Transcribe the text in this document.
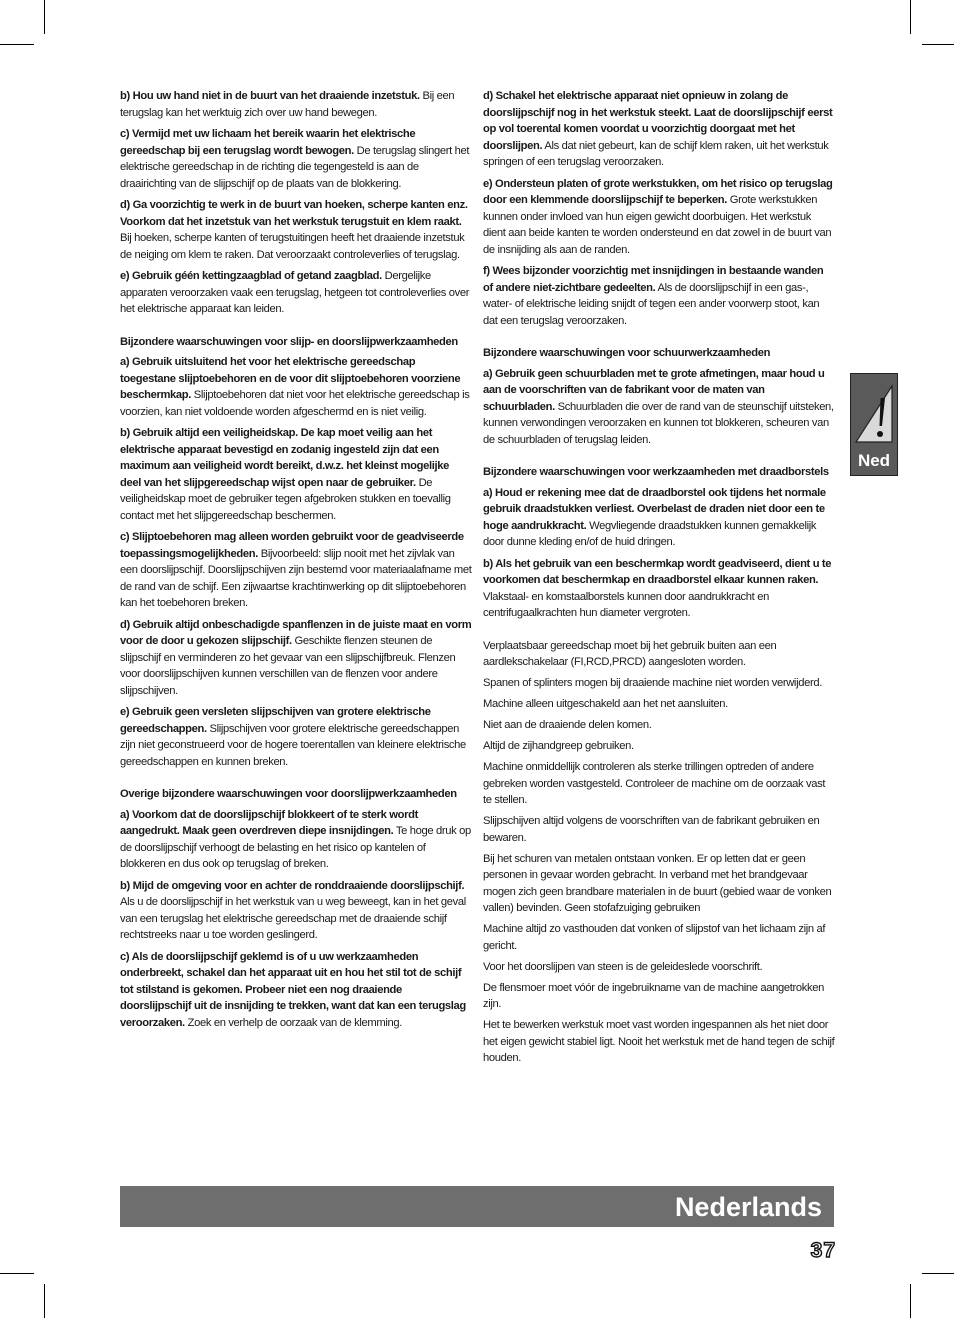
b) Hou uw hand niet in de buurt van het draaiende inzetstuk. Bij een terugslag kan het werktuig zich over uw hand bewegen.

c) Vermijd met uw lichaam het bereik waarin het elektrische gereedschap bij een terugslag wordt bewogen. De terugslag slingert het elektrische gereedschap in de richting die tegengesteld is aan de draairichting van de slijpschijf op de plaats van de blokkering.

d) Ga voorzichtig te werk in de buurt van hoeken, scherpe kanten enz. Voorkom dat het inzetstuk van het werkstuk terugstuit en klem raakt. Bij hoeken, scherpe kanten of terugstuitingen heeft het draaiende inzetstuk de neiging om klem te raken. Dat veroorzaakt controleverlies of terugslag.

e) Gebruik géén kettingzaagblad of getand zaagblad. Dergelijke apparaten veroorzaken vaak een terugslag, hetgeen tot controleverlies over het elektrische apparaat kan leiden.

Bijzondere waarschuwingen voor slijp- en doorslijpwerkzaamheden

a) Gebruik uitsluitend het voor het elektrische gereedschap toegestane slijptoebehoren en de voor dit slijptoebehoren voorziene beschermkap. Slijptoebehoren dat niet voor het elektrische gereedschap is voorzien, kan niet voldoende worden afgeschermd en is niet veilig.

b) Gebruik altijd een veiligheidskap. De kap moet veilig aan het elektrische apparaat bevestigd en zodanig ingesteld zijn dat een maximum aan veiligheid wordt bereikt, d.w.z. het kleinst mogelijke deel van het slijpgereedschap wijst open naar de gebruiker. De veiligheidskap moet de gebruiker tegen afgebroken stukken en toevallig contact met het slijpgereedschap beschermen.

c) Slijptoebehoren mag alleen worden gebruikt voor de geadviseerde toepassingsmogelijkheden. Bijvoorbeeld: slijp nooit met het zijvlak van een doorslijpschijf. Doorslijpschijven zijn bestemd voor materiaalafname met de rand van de schijf. Een zijwaartse krachtinwerking op dit slijptoebehoren kan het toebehoren breken.

d) Gebruik altijd onbeschadigde spanflenzen in de juiste maat en vorm voor de door u gekozen slijpschijf. Geschikte flenzen steunen de slijpschijf en verminderen zo het gevaar van een slijpschijfbreuk. Flenzen voor doorslijpschijven kunnen verschillen van de flenzen voor andere slijpschijven.

e) Gebruik geen versleten slijpschijven van grotere elektrische gereedschappen. Slijpschijven voor grotere elektrische gereedschappen zijn niet geconstrueerd voor de hogere toerentallen van kleinere elektrische gereedschappen en kunnen breken.

Overige bijzondere waarschuwingen voor doorslijpwerkzaamheden

a) Voorkom dat de doorslijpschijf blokkeert of te sterk wordt aangedrukt. Maak geen overdreven diepe insnijdingen. Te hoge druk op de doorslijpschijf verhoogt de belasting en het risico op kantelen of blokkeren en dus ook op terugslag of breken.

b) Mijd de omgeving voor en achter de ronddraaiende doorslijpschijf. Als u de doorslijpschijf in het werkstuk van u weg beweegt, kan in het geval van een terugslag het elektrische gereedschap met de draaiende schijf rechtstreeks naar u toe worden geslingerd.

c) Als de doorslijpschijf geklemd is of u uw werkzaamheden onderbreekt, schakel dan het apparaat uit en hou het stil tot de schijf tot stilstand is gekomen. Probeer niet een nog draaiende doorslijpschijf uit de insnijding te trekken, want dat kan een terugslag veroorzaken. Zoek en verhelp de oorzaak van de klemming.

d) Schakel het elektrische apparaat niet opnieuw in zolang de doorslijpschijf nog in het werkstuk steekt. Laat de doorslijpschijf eerst op vol toerental komen voordat u voorzichtig doorgaat met het doorslijpen. Als dat niet gebeurt, kan de schijf klem raken, uit het werkstuk springen of een terugslag veroorzaken.

e) Ondersteun platen of grote werkstukken, om het risico op terugslag door een klemmende doorslijpschijf te beperken. Grote werkstukken kunnen onder invloed van hun eigen gewicht doorbuigen. Het werkstuk dient aan beide kanten te worden ondersteund en dat zowel in de buurt van de insnijding als aan de randen.

f) Wees bijzonder voorzichtig met insnijdingen in bestaande wanden of andere niet-zichtbare gedeelten. Als de doorslijpschijf in een gas-, water- of elektrische leiding snijdt of tegen een ander voorwerp stoot, kan dat een terugslag veroorzaken.

Bijzondere waarschuwingen voor schuurwerkzaamheden

a) Gebruik geen schuurbladen met te grote afmetingen, maar houd u aan de voorschriften van de fabrikant voor de maten van schuurbladen. Schuurbladen die over de rand van de steunschijf uitsteken, kunnen verwondingen veroorzaken en kunnen tot blokkeren, scheuren van de schuurbladen of terugslag leiden.

Bijzondere waarschuwingen voor werkzaamheden met draadborstels

a) Houd er rekening mee dat de draadborstel ook tijdens het normale gebruik draadstukken verliest. Overbelast de draden niet door een te hoge aandrukkracht. Wegvliegende draadstukken kunnen gemakkelijk door dunne kleding en/of de huid dringen.

b) Als het gebruik van een beschermkap wordt geadviseerd, dient u te voorkomen dat beschermkap en draadborstel elkaar kunnen raken. Vlakstaal- en komstaalborstels kunnen door aandrukkracht en centrifugaalkrachten hun diameter vergroten.

Verplaatsbaar gereedschap moet bij het gebruik buiten aan een aardlekschakelaar (FI,RCD,PRCD) aangesloten worden.

Spanen of splinters mogen bij draaiende machine niet worden verwijderd.

Machine alleen uitgeschakeld aan het net aansluiten.

Niet aan de draaiende delen komen.

Altijd de zijhandgreep gebruiken.

Machine onmiddellijk controleren als sterke trillingen optreden of andere gebreken worden vastgesteld. Controleer de machine om de oorzaak vast te stellen.

Slijpschijven altijd volgens de voorschriften van de fabrikant gebruiken en bewaren.

Bij het schuren van metalen ontstaan vonken. Er op letten dat er geen personen in gevaar worden gebracht. In verband met het brandgevaar mogen zich geen brandbare materialen in de buurt (gebied waar de vonken vallen) bevinden. Geen stofafzuiging gebruiken

Machine altijd zo vasthouden dat vonken of slijpstof van het lichaam zijn af gericht.

Voor het doorslijpen van steen is de geleideslede voorschrift.

De flensmoer moet vóór de ingebruikname van de machine aangetrokken zijn.

Het te bewerken werkstuk moet vast worden ingespannen als het niet door het eigen gewicht stabiel ligt. Nooit het werkstuk met de hand tegen de schijf houden.

Ned
Nederlands
37
